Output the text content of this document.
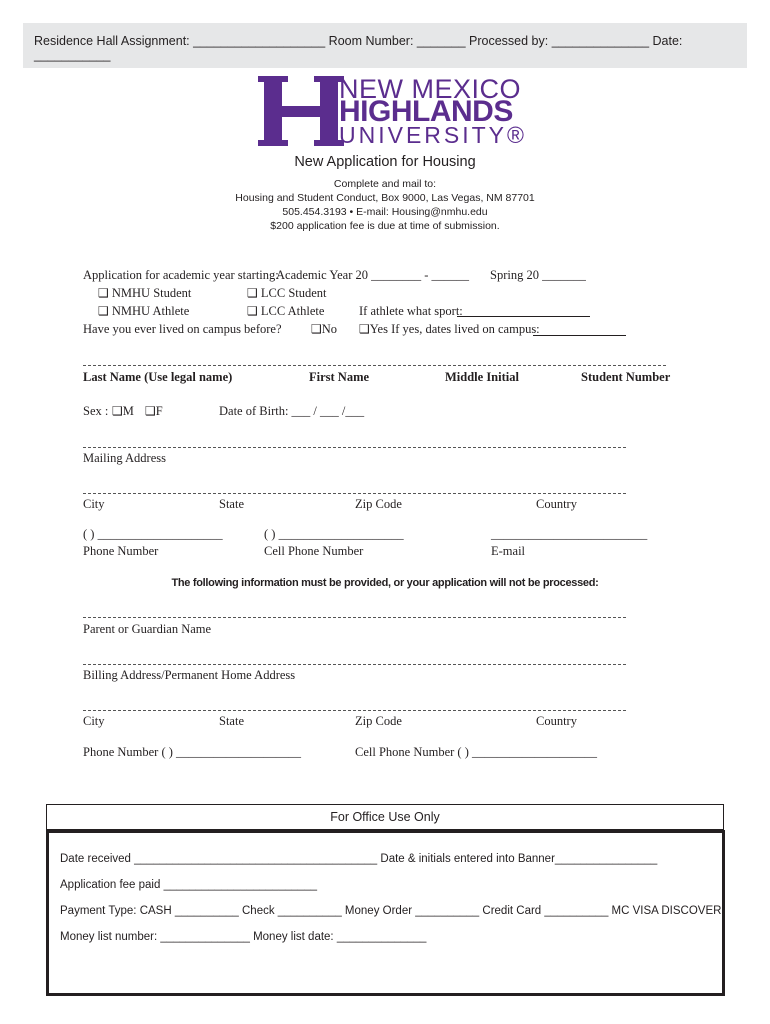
Residence Hall Assignment: ___________________ Room Number: _______ Processed by: ______________ Date: ___________
NEW MEXICO
HIGHLANDS
UNIVERSITY®
New Application for Housing
Complete and mail to:
Housing and Student Conduct, Box 9000, Las Vegas, NM 87701
505.454.3193 • E-mail: Housing@nmhu.edu
$200 application fee is due at time of submission.
Application for academic year starting:
Academic Year 20 ________ - ______ Spring 20 _______
❑ NMHU Student	❑ LCC Student
❑ NMHU Athlete	❑ LCC Athlete	If athlete what sport:
Have you ever lived on campus before? ❑No ❑Yes If yes, dates lived on campus:
Last Name (Use legal name)	First Name	Middle Initial	Student Number
Sex : ❑M ❑F	Date of Birth: ___ / ___ /___
Mailing Address
City	State	Zip Code	Country
( ) ____________________	( ) ____________________	_________________________
Phone Number	Cell Phone Number	E-mail
The following information must be provided, or your application will not be processed:
Parent or Guardian Name
Billing Address/Permanent Home Address
City	State	Zip Code	Country
Phone Number ( ) ____________________	Cell Phone Number ( ) ____________________
For Office Use Only
Date received ______________________________________ Date & initials entered into Banner________________
Application fee paid ________________________
Payment Type: CASH __________ Check __________ Money Order __________ Credit Card __________ MC VISA DISCOVER
Money list number: ______________ Money list date: ______________
